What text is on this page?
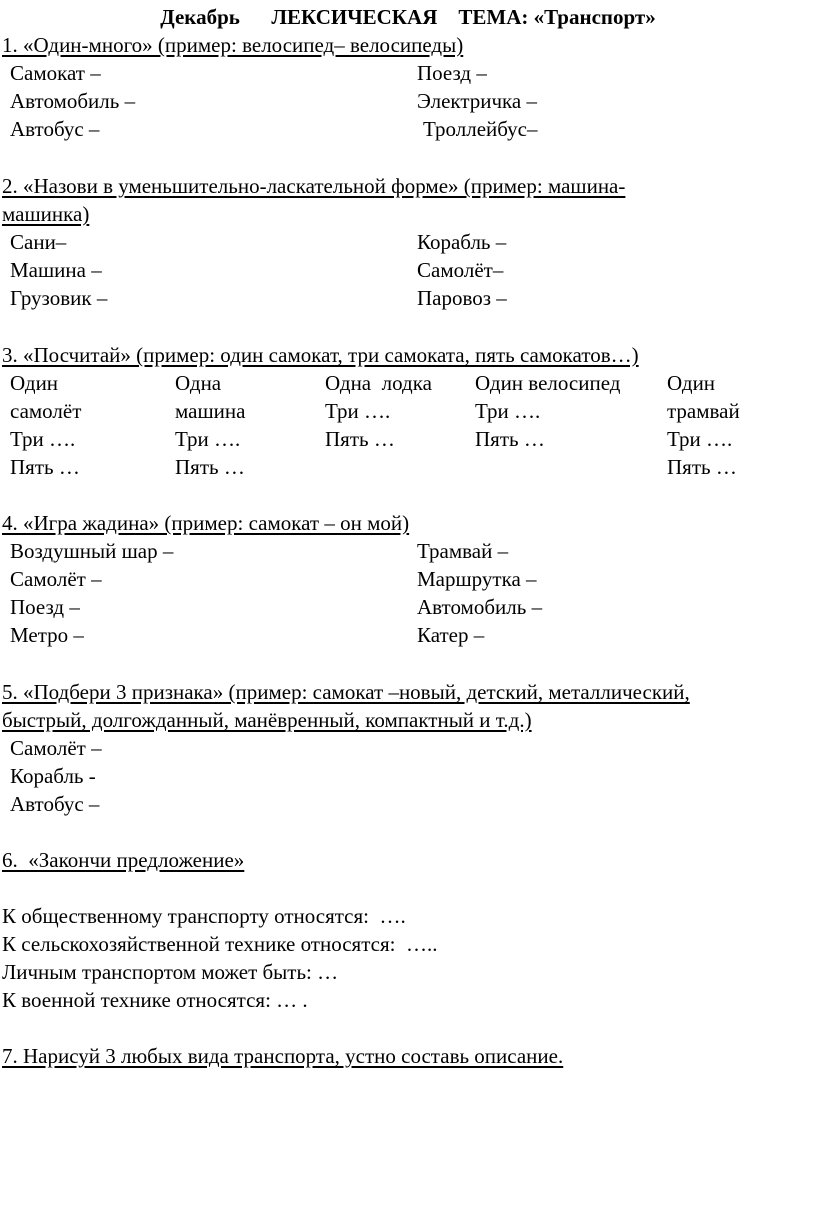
Декабрь      ЛЕКСИЧЕСКАЯ    ТЕМА: «Транспорт»
1. «Один-много» (пример: велосипед– велосипеды)
Самокат –
Автомобиль –
Автобус –
Поезд –
Электричка –
Троллейбус–
2. «Назови в уменьшительно-ласкательной форме» (пример: машина-
машинка)
Сани–
Машина –
Грузовик –
Корабль –
Самолёт–
Паровоз –
3. «Посчитай» (пример: один самокат, три самоката, пять самокатов…)
Один
самолёт
Три ….
Пять …
Одна
машина
Три ….
Пять …
Одна  лодка
Три ….
Пять …
Один велосипед
Три ….
Пять …
Один
трамвай
Три ….
Пять …
4. «Игра жадина» (пример: самокат – он мой)
Воздушный шар –
Самолёт –
Поезд –
Метро –
Трамвай –
Маршрутка –
Автомобиль –
Катер –
5. «Подбери 3 признака» (пример: самокат –новый, детский, металлический,
быстрый, долгожданный, манёвренный, компактный и т.д.)
Самолёт –
Корабль -
Автобус –
6.  «Закончи предложение»
К общественному транспорту относятся:  ….
К сельскохозяйственной технике относятся:  …..
Личным транспортом может быть: …
К военной технике относятся: … .
7. Нарисуй 3 любых вида транспорта, устно составь описание.
